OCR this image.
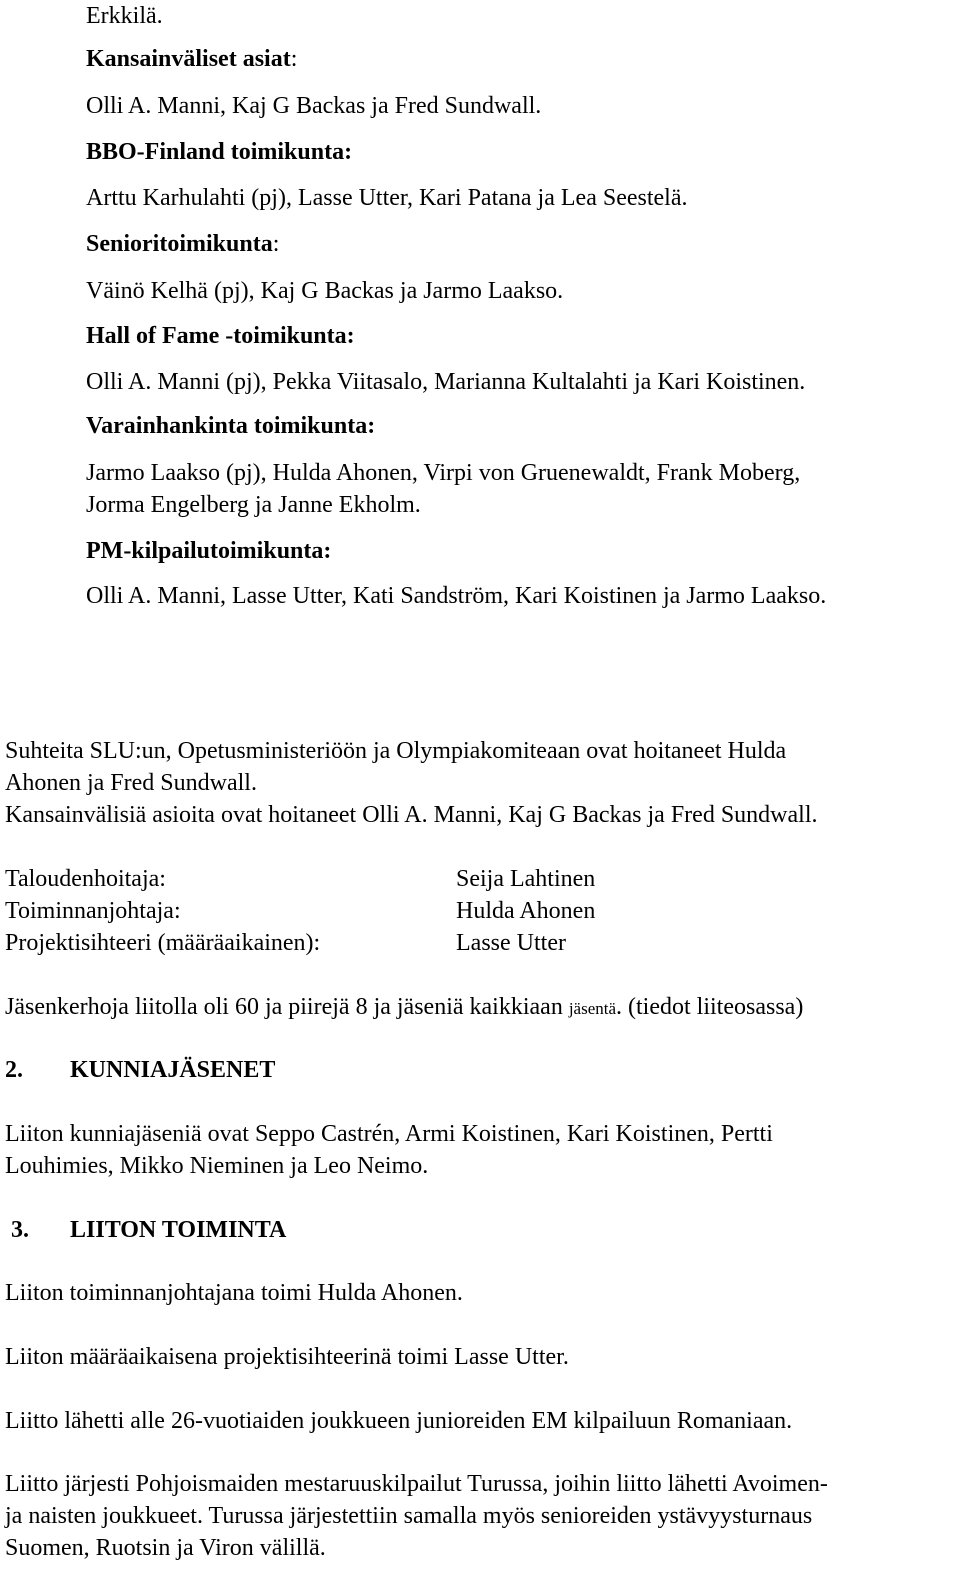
Erkkilä.

Kansainväliset asiat:

Olli A. Manni, Kaj G Backas ja Fred Sundwall.

BBO-Finland toimikunta:

Arttu Karhulahti (pj), Lasse Utter, Kari Patana ja Lea Seestelä.

Senioritoimikunta:

Väinö Kelhä (pj), Kaj G Backas ja Jarmo Laakso.

Hall of Fame -toimikunta:

Olli A. Manni (pj), Pekka Viitasalo, Marianna Kultalahti ja Kari Koistinen.

Varainhankinta toimikunta:

Jarmo Laakso (pj), Hulda Ahonen, Virpi von Gruenewaldt, Frank Moberg,

Jorma Engelberg ja Janne Ekholm.

PM-kilpailutoimikunta:

Olli A. Manni, Lasse Utter, Kati Sandström, Kari Koistinen ja Jarmo Laakso.

Suhteita SLU:un, Opetusministeriöön ja Olympiakomiteaan ovat hoitaneet Hulda

Ahonen ja Fred Sundwall.

Kansainvälisiä asioita ovat hoitaneet Olli A. Manni, Kaj G Backas ja Fred Sundwall.

Taloudenhoitaja:	Seija Lahtinen

Toiminnanjohtaja:	Hulda Ahonen

Projektisihteeri (määräaikainen):	Lasse Utter

Jäsenkerhoja liitolla oli 60 ja piirejä 8 ja jäseniä kaikkiaan jäsentä. (tiedot liiteosassa)

2. KUNNIAJÄSENET

Liiton kunniajäseniä ovat Seppo Castrén, Armi Koistinen, Kari Koistinen, Pertti

Louhimies, Mikko Nieminen ja Leo Neimo.

3. LIITON TOIMINTA

Liiton toiminnanjohtajana toimi Hulda Ahonen.

Liiton määräaikaisena projektisihteerinä toimi Lasse Utter.

Liitto lähetti alle 26-vuotiaiden joukkueen junioreiden EM kilpailuun Romaniaan.

Liitto järjesti Pohjoismaiden mestaruuskilpailut Turussa, joihin liitto lähetti Avoimen-

ja naisten joukkueet. Turussa järjestettiin samalla myös senioreiden ystävyysturnaus

Suomen, Ruotsin ja Viron välillä.
